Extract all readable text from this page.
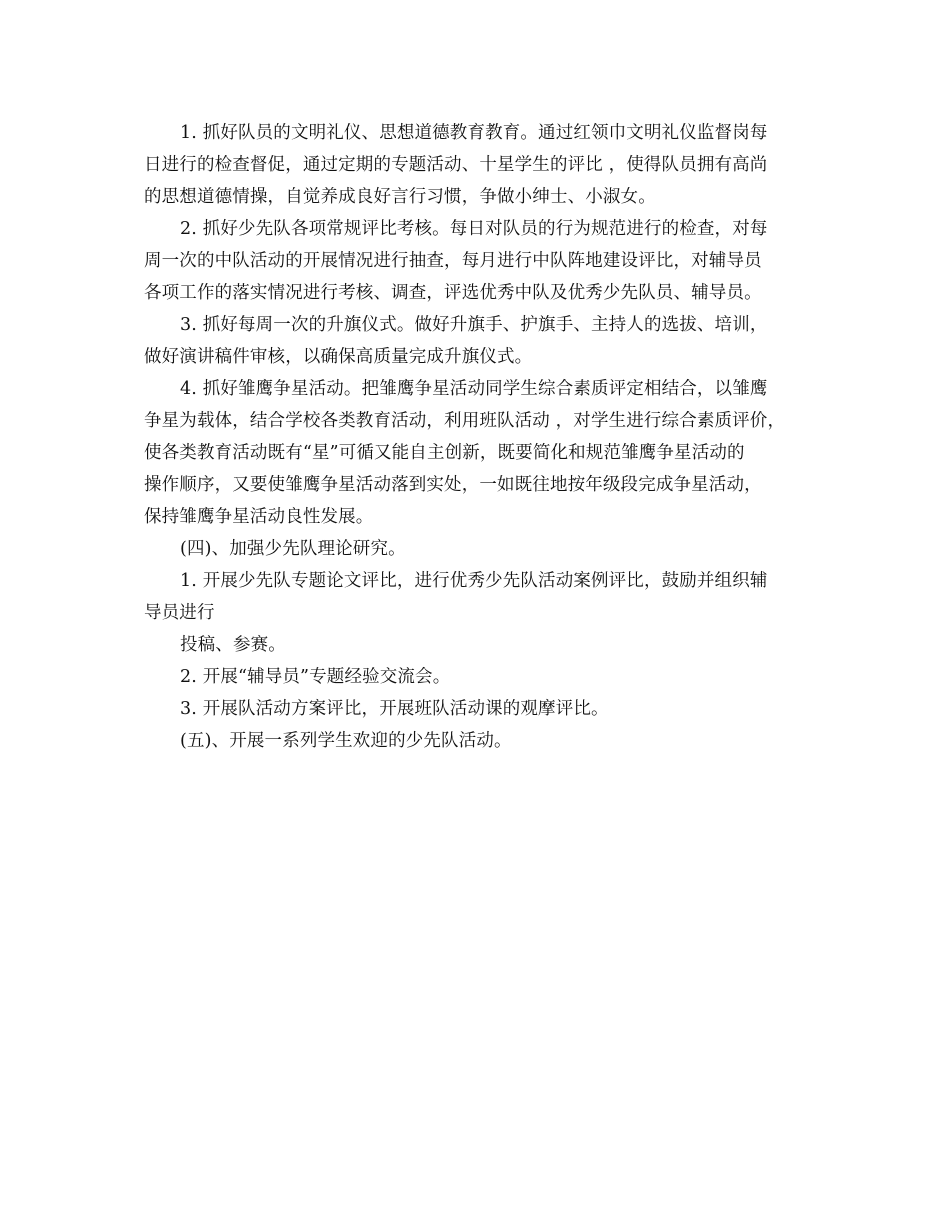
1. 抓好队员的文明礼仪、思想道德教育教育。通过红领巾文明礼仪监督岗每
日进行的检查督促，通过定期的专题活动、十星学生的评比 ，使得队员拥有高尚
的思想道德情操，自觉养成良好言行习惯，争做小绅士、小淑女。
2. 抓好少先队各项常规评比考核。每日对队员的行为规范进行的检查，对每
周一次的中队活动的开展情况进行抽查，每月进行中队阵地建设评比，对辅导员
各项工作的落实情况进行考核、调查，评选优秀中队及优秀少先队员、辅导员。
3. 抓好每周一次的升旗仪式。做好升旗手、护旗手、主持人的选拔、培训，
做好演讲稿件审核，以确保高质量完成升旗仪式。
4. 抓好雏鹰争星活动。把雏鹰争星活动同学生综合素质评定相结合，以雏鹰
争星为载体，结合学校各类教育活动，利用班队活动 ，对学生进行综合素质评价，
使各类教育活动既有“星”可循又能自主创新，既要简化和规范雏鹰争星活动的
操作顺序，又要使雏鹰争星活动落到实处，一如既往地按年级段完成争星活动，
保持雏鹰争星活动良性发展。
(四)、加强少先队理论研究。
1. 开展少先队专题论文评比，进行优秀少先队活动案例评比，鼓励并组织辅
导员进行
投稿、参赛。
2. 开展“辅导员”专题经验交流会。
3. 开展队活动方案评比，开展班队活动课的观摩评比。
(五)、开展一系列学生欢迎的少先队活动。
